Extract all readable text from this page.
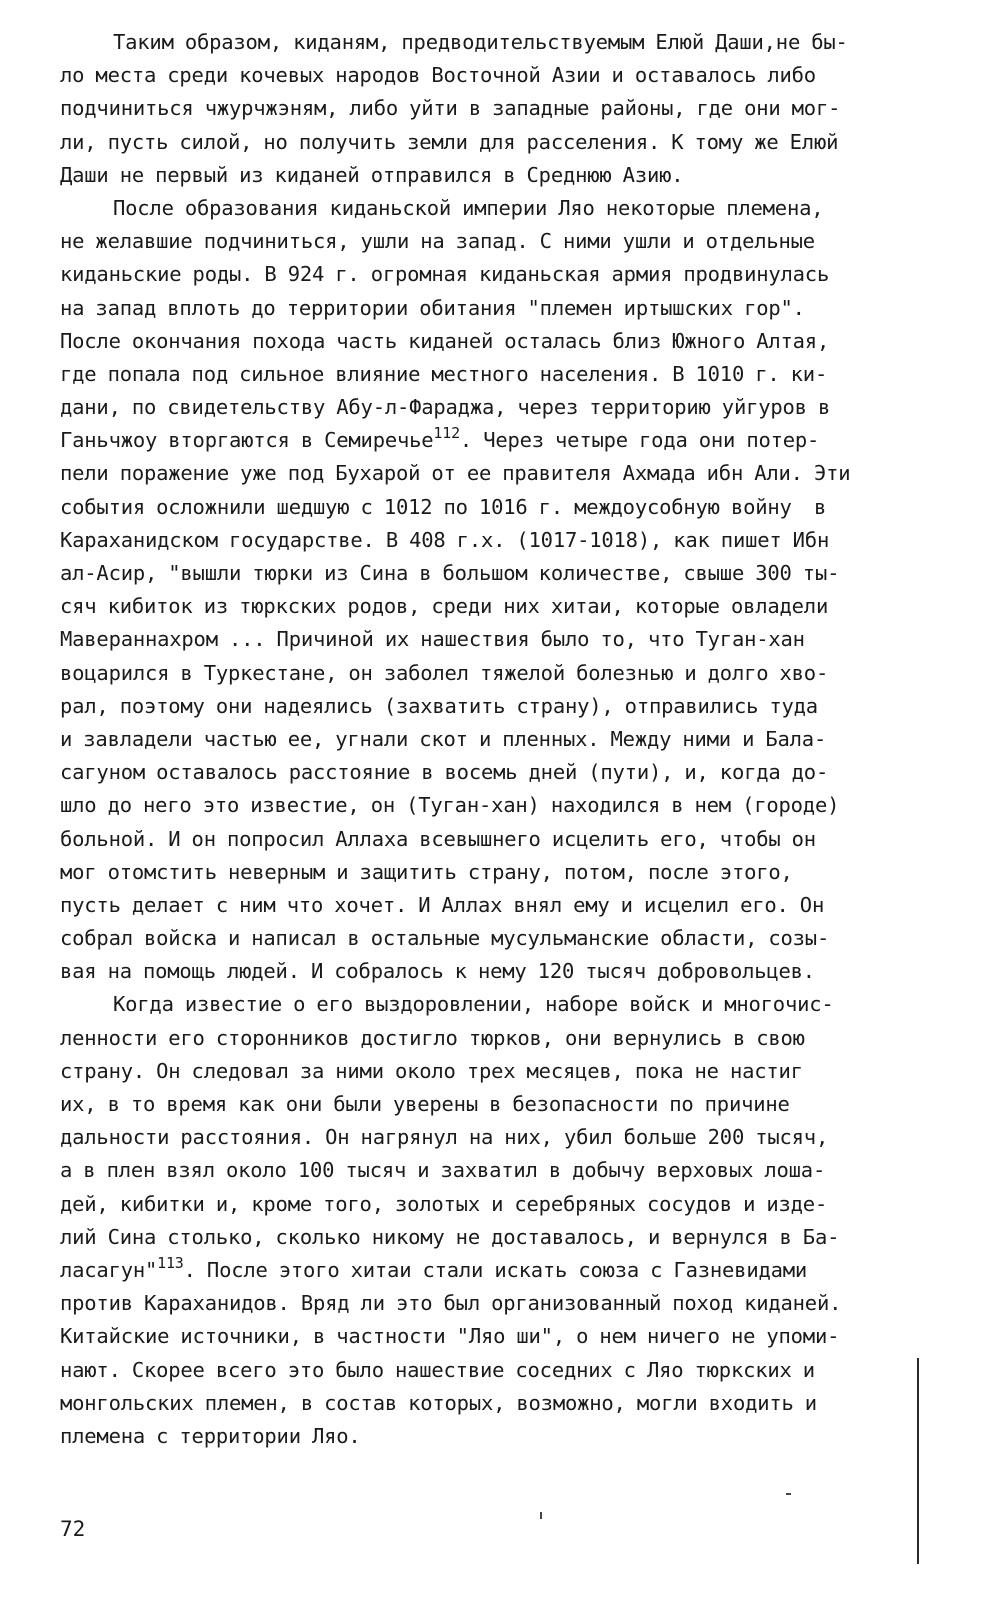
Таким образом, киданям, предводительствуемым Елюй Даши,не бы-
ло места среди кочевых народов Восточной Азии и оставалось либо
подчиниться чжурчжэням, либо уйти в западные районы, где они мог-
ли, пусть силой, но получить земли для расселения. К тому же Елюй
Даши не первый из киданей отправился в Среднюю Азию.
После образования киданьской империи Ляо некоторые племена,
не желавшие подчиниться, ушли на запад. С ними ушли и отдельные
киданьские роды. В 924 г. огромная киданьская армия продвинулась
на запад вплоть до территории обитания "племен иртышских гор".
После окончания похода часть киданей осталась близ Южного Алтая,
где попала под сильное влияние местного населения. В 1010 г. ки-
дани, по свидетельству Абу-л-Фараджа, через территорию уйгуров в
Ганьчжоу вторгаются в Семиречье$^{112}$. Через четыре года они потер-
пели поражение уже под Бухарой от ее правителя Ахмада ибн Али. Эти
события осложнили шедшую с 1012 по 1016 г. междоусобную войну  в
Караханидском государстве. В 408 г.х. (1017-1018), как пишет Ибн
ал-Асир, "вышли тюрки из Сина в большом количестве, свыше 300 ты-
сяч кибиток из тюркских родов, среди них хитаи, которые овладели
Мавераннахром ... Причиной их нашествия было то, что Туган-хан
воцарился в Туркестане, он заболел тяжелой болезнью и долго хво-
рал, поэтому они надеялись (захватить страну), отправились туда
и завладели частью ее, угнали скот и пленных. Между ними и Бала-
сагуном оставалось расстояние в восемь дней (пути), и, когда до-
шло до него это известие, он (Туган-хан) находился в нем (городе)
больной. И он попросил Аллаха всевышнего исцелить его, чтобы он
мог отомстить неверным и защитить страну, потом, после этого,
пусть делает с ним что хочет. И Аллах внял ему и исцелил его. Он
собрал войска и написал в остальные мусульманские области, созы-
вая на помощь людей. И собралось к нему 120 тысяч добровольцев.
Когда известие о его выздоровлении, наборе войск и многочис-
ленности его сторонников достигло тюрков, они вернулись в свою
страну. Он следовал за ними около трех месяцев, пока не настиг
их, в то время как они были уверены в безопасности по причине
дальности расстояния. Он нагрянул на них, убил больше 200 тысяч,
а в плен взял около 100 тысяч и захватил в добычу верховых лоша-
дей, кибитки и, кроме того, золотых и серебряных сосудов и изде-
лий Сина столько, сколько никому не доставалось, и вернулся в Ба-
ласагун"$^{113}$. После этого хитаи стали искать союза с Газневидами
против Караханидов. Вряд ли это был организованный поход киданей.
Китайские источники, в частности "Ляо ши", о нем ничего не упоми-
нают. Скорее всего это было нашествие соседних с Ляо тюркских и
монгольских племен, в состав которых, возможно, могли входить и
племена с территории Ляо.
72
